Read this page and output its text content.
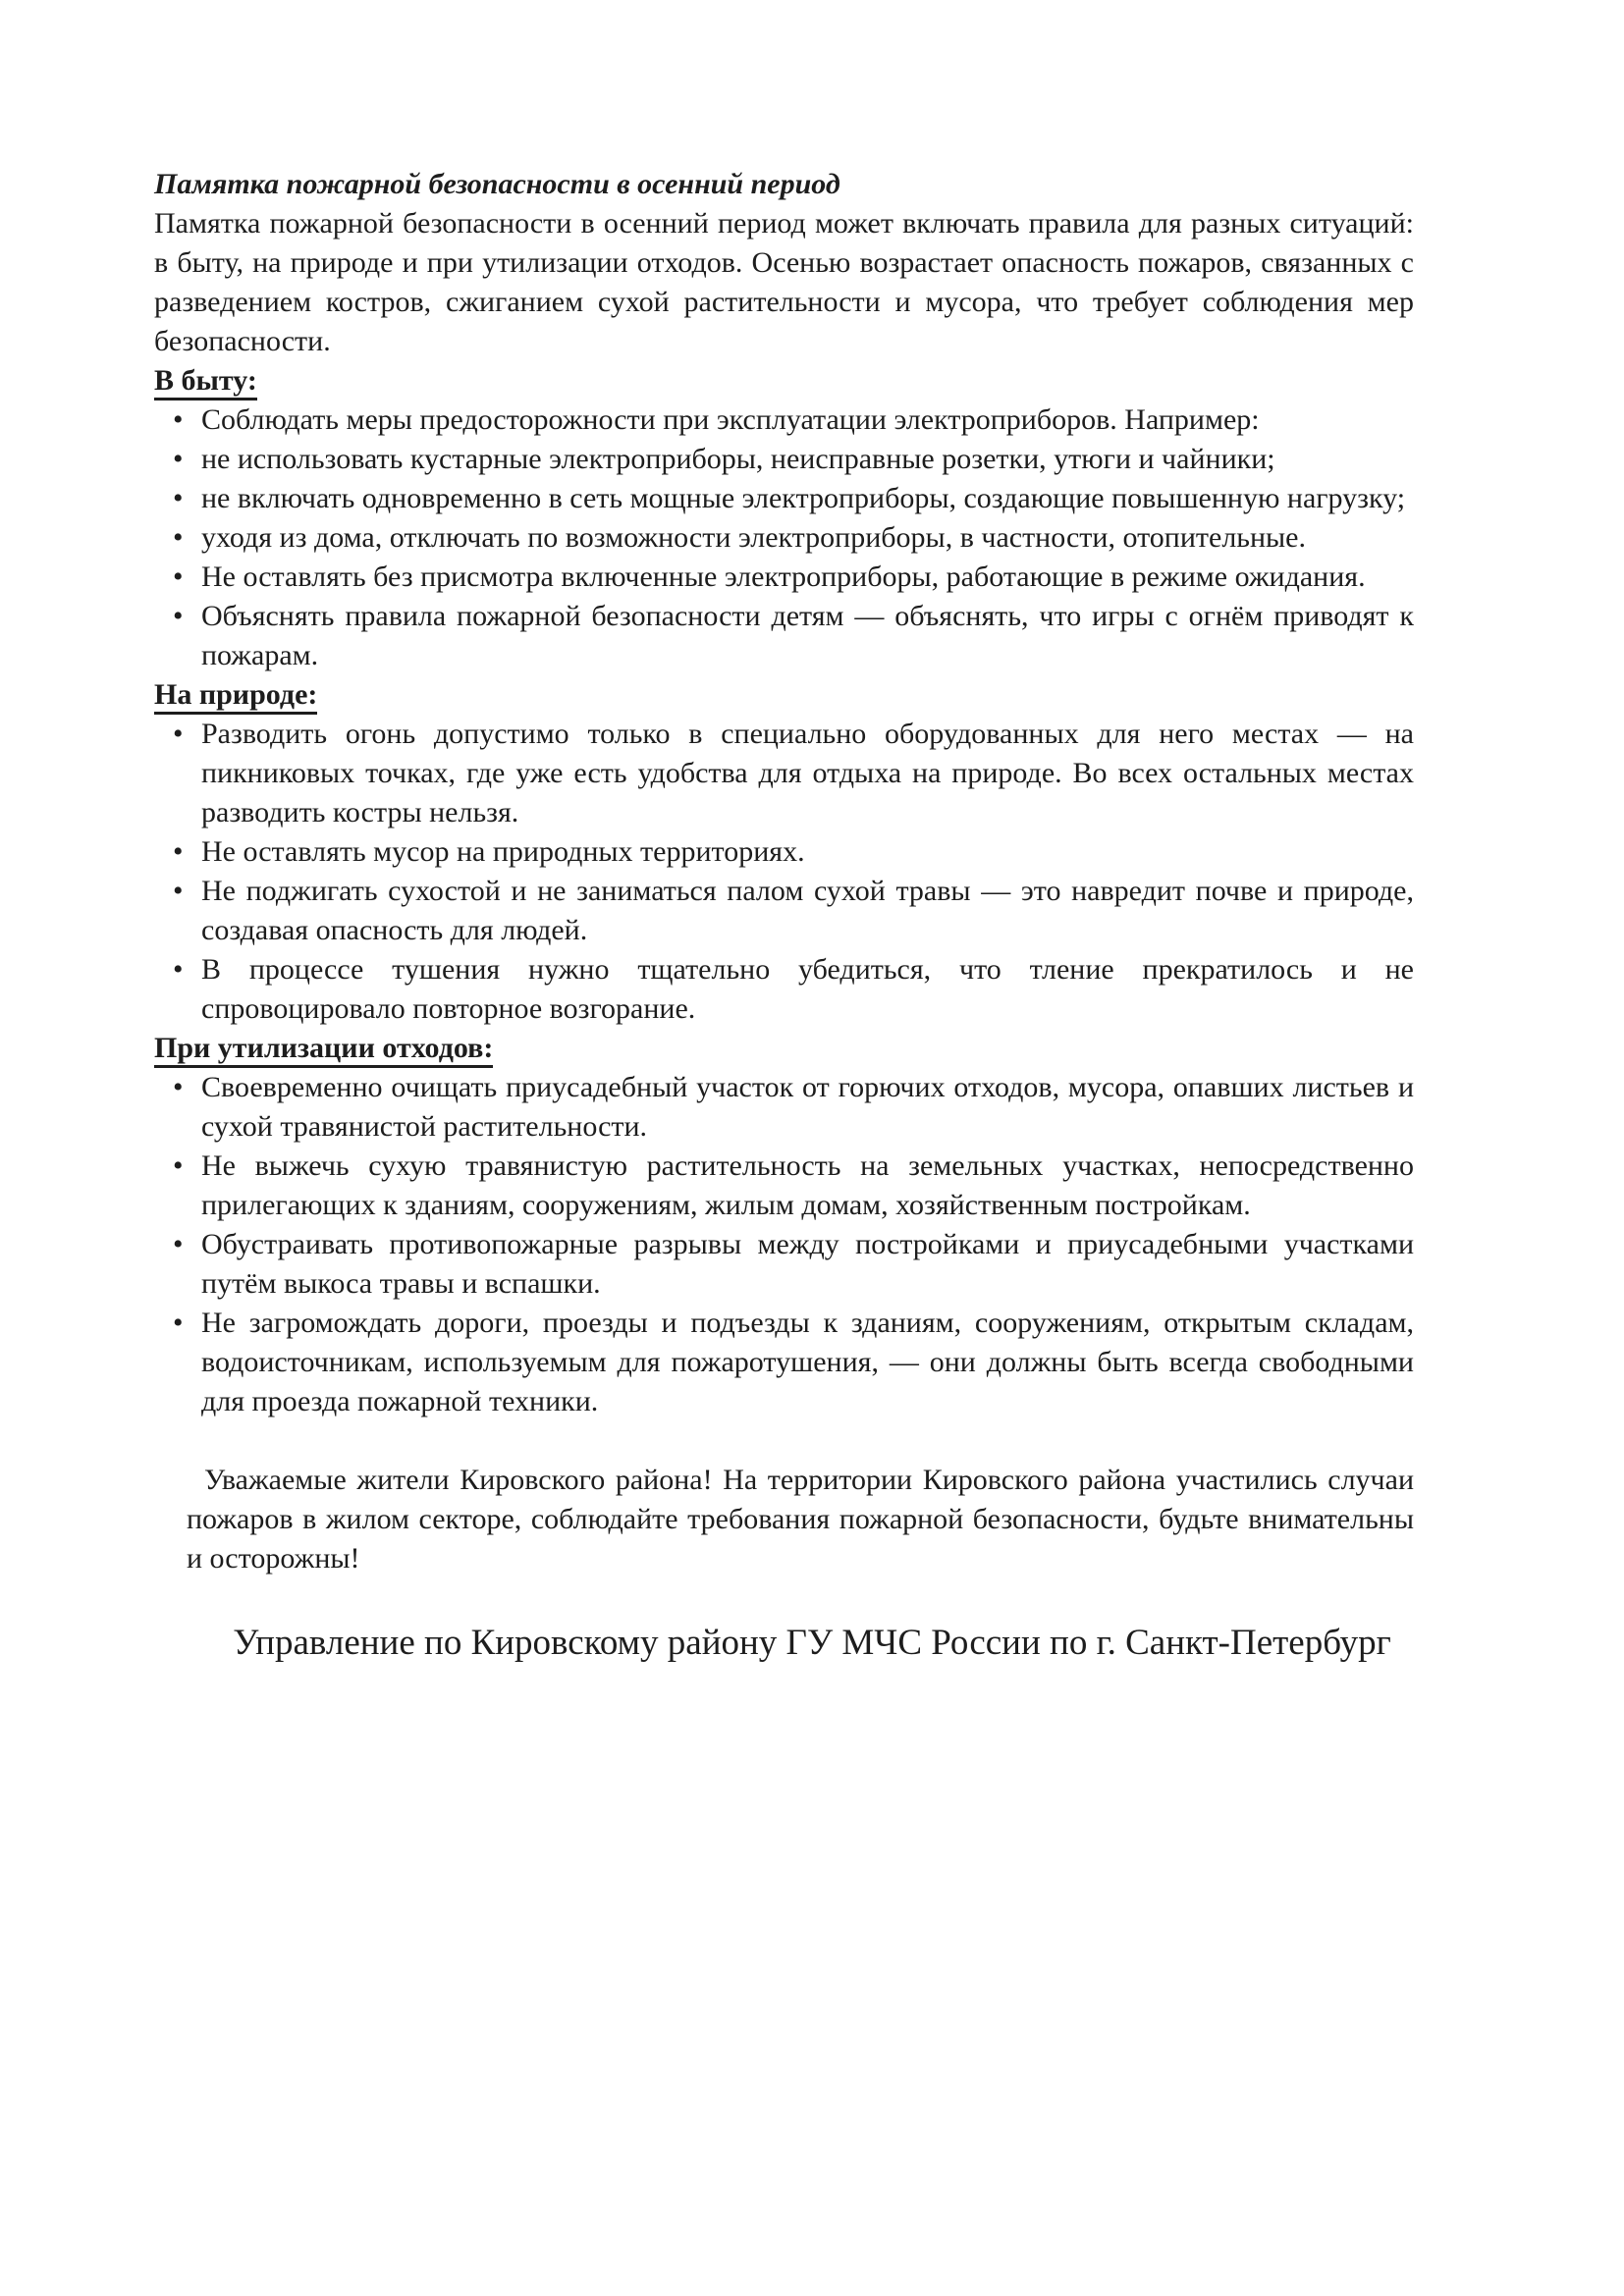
Памятка пожарной безопасности в осенний период

Памятка пожарной безопасности в осенний период может включать правила для разных ситуаций: в быту, на природе и при утилизации отходов. Осенью возрастает опасность пожаров, связанных с разведением костров, сжиганием сухой растительности и мусора, что требует соблюдения мер безопасности.

В быту:

• Соблюдать меры предосторожности при эксплуатации электроприборов. Например:
• не использовать кустарные электроприборы, неисправные розетки, утюги и чайники;
• не включать одновременно в сеть мощные электроприборы, создающие повышенную нагрузку;
• уходя из дома, отключать по возможности электроприборы, в частности, отопительные.
• Не оставлять без присмотра включенные электроприборы, работающие в режиме ожидания.
• Объяснять правила пожарной безопасности детям — объяснять, что игры с огнём приводят к пожарам.

На природе:

• Разводить огонь допустимо только в специально оборудованных для него местах — на пикниковых точках, где уже есть удобства для отдыха на природе. Во всех остальных местах разводить костры нельзя.
• Не оставлять мусор на природных территориях.
• Не поджигать сухостой и не заниматься палом сухой травы — это навредит почве и природе, создавая опасность для людей.
• В процессе тушения нужно тщательно убедиться, что тление прекратилось и не спровоцировало повторное возгорание.

При утилизации отходов:

• Своевременно очищать приусадебный участок от горючих отходов, мусора, опавших листьев и сухой травянистой растительности.
• Не выжечь сухую травянистую растительность на земельных участках, непосредственно прилегающих к зданиям, сооружениям, жилым домам, хозяйственным постройкам.
• Обустраивать противопожарные разрывы между постройками и приусадебными участками путём выкоса травы и вспашки.
• Не загромождать дороги, проезды и подъезды к зданиям, сооружениям, открытым складам, водоисточникам, используемым для пожаротушения, — они должны быть всегда свободными для проезда пожарной техники.

Уважаемые жители Кировского района! На территории Кировского района участились случаи пожаров в жилом секторе, соблюдайте требования пожарной безопасности, будьте внимательны и осторожны!

Управление по Кировскому району ГУ МЧС России по г. Санкт-Петербург
